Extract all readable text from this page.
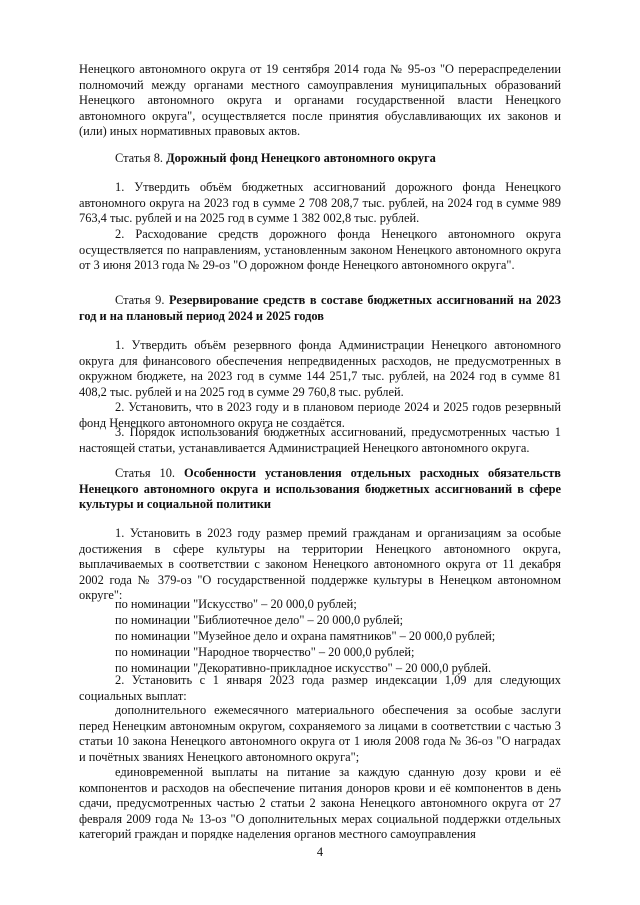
Ненецкого автономного округа от 19 сентября 2014 года № 95-оз "О перераспределении полномочий между органами местного самоуправления муниципальных образований Ненецкого автономного округа и органами государственной власти Ненецкого автономного округа", осуществляется после принятия обуславливающих их законов и (или) иных нормативных правовых актов.

Статья 8. Дорожный фонд Ненецкого автономного округа

1. Утвердить объём бюджетных ассигнований дорожного фонда Ненецкого автономного округа на 2023 год в сумме 2 708 208,7 тыс. рублей, на 2024 год в сумме 989 763,4 тыс. рублей и на 2025 год в сумме 1 382 002,8 тыс. рублей.

2. Расходование средств дорожного фонда Ненецкого автономного округа осуществляется по направлениям, установленным законом Ненецкого автономного округа от 3 июня 2013 года № 29-оз "О дорожном фонде Ненецкого автономного округа".

Статья 9. Резервирование средств в составе бюджетных ассигнований на 2023 год и на плановый период 2024 и 2025 годов

1. Утвердить объём резервного фонда Администрации Ненецкого автономного округа для финансового обеспечения непредвиденных расходов, не предусмотренных в окружном бюджете, на 2023 год в сумме 144 251,7 тыс. рублей, на 2024 год в сумме 81 408,2 тыс. рублей и на 2025 год в сумме 29 760,8 тыс. рублей.

2. Установить, что в 2023 году и в плановом периоде 2024 и 2025 годов резервный фонд Ненецкого автономного округа не создаётся.

3. Порядок использования бюджетных ассигнований, предусмотренных частью 1 настоящей статьи, устанавливается Администрацией Ненецкого автономного округа.

Статья 10. Особенности установления отдельных расходных обязательств Ненецкого автономного округа и использования бюджетных ассигнований в сфере культуры и социальной политики

1. Установить в 2023 году размер премий гражданам и организациям за особые достижения в сфере культуры на территории Ненецкого автономного округа, выплачиваемых в соответствии с законом Ненецкого автономного округа от 11 декабря 2002 года № 379-оз "О государственной поддержке культуры в Ненецком автономном округе":

по номинации "Искусство" – 20 000,0 рублей;

по номинации "Библиотечное дело" – 20 000,0 рублей;

по номинации "Музейное дело и охрана памятников" – 20 000,0 рублей;

по номинации "Народное творчество" – 20 000,0 рублей;

по номинации "Декоративно-прикладное искусство" – 20 000,0 рублей.

2. Установить с 1 января 2023 года размер индексации 1,09 для следующих социальных выплат:

дополнительного ежемесячного материального обеспечения за особые заслуги перед Ненецким автономным округом, сохраняемого за лицами в соответствии с частью 3 статьи 10 закона Ненецкого автономного округа от 1 июля 2008 года № 36-оз "О наградах и почётных званиях Ненецкого автономного округа";

единовременной выплаты на питание за каждую сданную дозу крови и её компонентов и расходов на обеспечение питания доноров крови и её компонентов в день сдачи, предусмотренных частью 2 статьи 2 закона Ненецкого автономного округа от 27 февраля 2009 года № 13-оз "О дополнительных мерах социальной поддержки отдельных категорий граждан и порядке наделения органов местного самоуправления

4
